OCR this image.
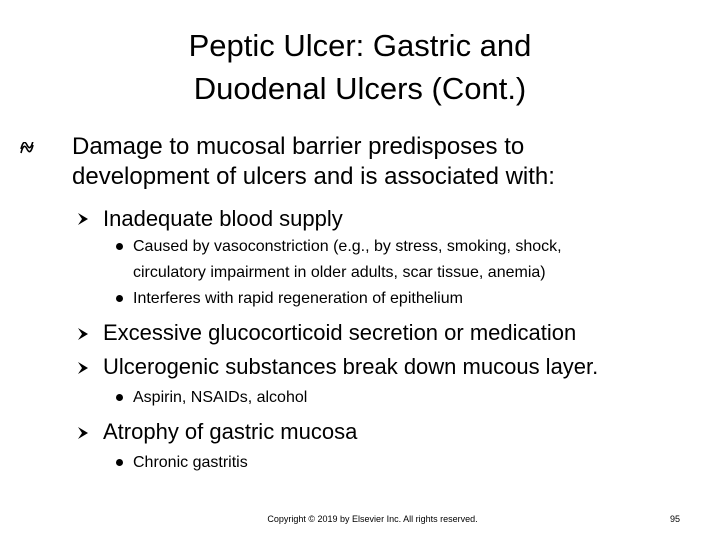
Peptic Ulcer: Gastric and
Duodenal Ulcers (Cont.)
Damage to mucosal barrier predisposes to
development of ulcers and is associated with:
Inadequate blood supply
Caused by vasoconstriction (e.g., by stress, smoking, shock,
circulatory impairment in older adults, scar tissue, anemia)
Interferes with rapid regeneration of epithelium
Excessive glucocorticoid secretion or medication
Ulcerogenic substances break down mucous layer.
Aspirin, NSAIDs, alcohol
Atrophy of gastric mucosa
Chronic gastritis
Copyright © 2019 by Elsevier Inc. All rights reserved.	95
